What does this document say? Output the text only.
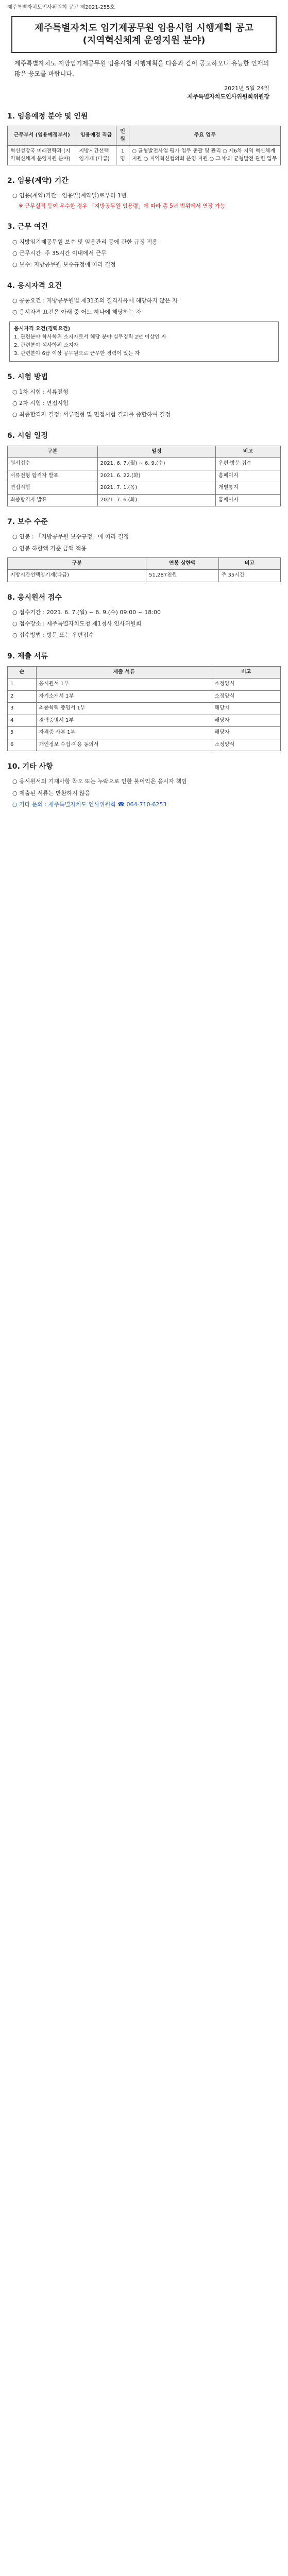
제주특별자치도인사위원회 공고 제2021-255호
제주특별자치도 임기제공무원 임용시험 시행계획 공고
(지역혁신체계 운영지원 분야)
제주특별자치도 지방임기제공무원 임용시험 시행계획을 다음과 같이 공고하오니 유능한 인재의 많은 응모를 바랍니다.
2021년 5월 24일
제주특별자치도인사위원회위원장
1. 임용예정 분야 및 인원
근무부서 (임용예정부서)	임용예정 직급	인원	주요 업무
혁신성장국 미래전략과 (지역혁신체계 운영지원 분야)	지방시간선택 임기제 (다급)	1명	○ 균형발전사업 평가 업무 총괄 및 관리 ○ 제6차 지역 혁신체계 지원 ○ 지역혁신협의회 운영 지원 ○ 그 밖의 균형발전 관련 업무
2. 임용(계약) 기간
○ 임용(계약)기간 : 임용일(계약일)로부터 1년
※ 근무실적 등이 우수한 경우 「지방공무원 임용령」에 따라 총 5년 범위에서 연장 가능
3. 근무 여건
○ 지방임기제공무원 보수 및 임용관리 등에 관한 규정 적용
○ 근무시간: 주 35시간 이내에서 근무
○ 보수: 지방공무원 보수규정에 따라 결정
4. 응시자격 요건
○ 공통요건 : 지방공무원법 제31조의 결격사유에 해당하지 않은 자
○ 응시자격 요건은 아래 중 어느 하나에 해당하는 자
응시자격 요건(경력요건)
1. 관련분야 학사학위 소지자로서 해당 분야 실무경력 2년 이상인 자
2. 관련분야 석사학위 소지자
3. 관련분야 6급 이상 공무원으로 근무한 경력이 있는 자
5. 시험 방법
○ 1차 시험 : 서류전형
○ 2차 시험 : 면접시험
○ 최종합격자 결정: 서류전형 및 면접시험 결과를 종합하여 결정
6. 시험 일정
구분	일정	비고
원서접수	2021. 6. 7.(월) ~ 6. 9.(수)	우편·방문 접수
서류전형 합격자 발표	2021. 6. 22.(화)	홈페이지
면접시험	2021. 7. 1.(목)	개별통지
최종합격자 발표	2021. 7. 6.(화)	홈페이지
7. 보수 수준
○ 연봉 : 「지방공무원 보수규정」에 따라 결정
○ 연봉 하한액 기준 금액 적용
구분	연봉 상한액	비고
지방시간선택임기제(다급)	51,287천원	주 35시간
8. 응시원서 접수
○ 접수기간 : 2021. 6. 7.(월) ~ 6. 9.(수) 09:00 ~ 18:00
○ 접수장소 : 제주특별자치도청 제1청사 인사위원회
○ 접수방법 : 방문 또는 우편접수
9. 제출 서류
순	제출 서류	비고
1	응시원서 1부	소정양식
2	자기소개서 1부	소정양식
3	최종학력 증명서 1부	해당자
4	경력증명서 1부	해당자
5	자격증 사본 1부	해당자
6	개인정보 수집·이용 동의서	소정양식
10. 기타 사항
○ 응시원서의 기재사항 착오 또는 누락으로 인한 불이익은 응시자 책임
○ 제출된 서류는 반환하지 않음
○ 기타 문의 : 제주특별자치도 인사위원회 ☎ 064-710-6253
